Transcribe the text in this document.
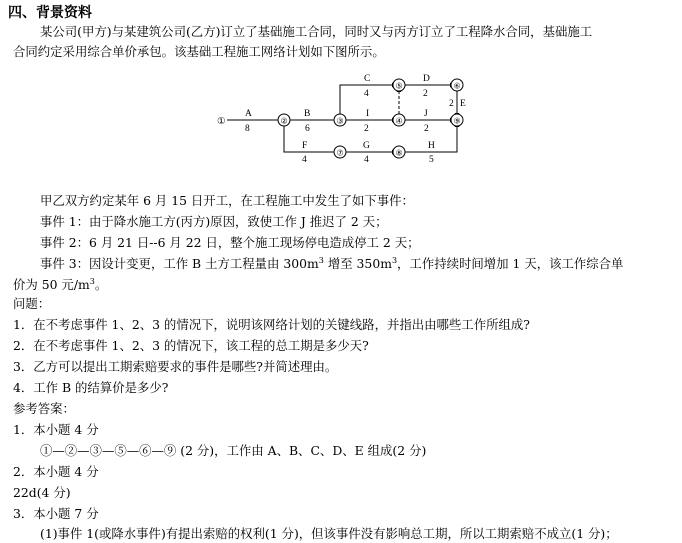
四、背景资料
某公司(甲方)与某建筑公司(乙方)订立了基础施工合同，同时又与丙方订立了工程降水合同，基础施工
合同约定采用综合单价承包。该基础工程施工网络计划如下图所示。
①	②	③	④
⑤	⑥
⑦	⑧
⑨
A
8
B
6
C
4
D
2
E
2
I
2
J
2
F
4
G
4
H
5
甲乙双方约定某年 6 月 15 日开工，在工程施工中发生了如下事件：
事件 1：由于降水施工方(丙方)原因，致使工作 J 推迟了 2 天；
事件 2：6 月 21 日--6 月 22 日，整个施工现场停电造成停工 2 天；
事件 3：因设计变更，工作 B 土方工程量由 $300m^3$ 增至 $350m^3$，工作持续时间增加 1 天，该工作综合单
价为 50 元$/m^3$。
问题：
1．在不考虑事件 1、2、3 的情况下，说明该网络计划的关键线路，并指出由哪些工作所组成?
2．在不考虑事件 1、2、3 的情况下，该工程的总工期是多少天?
3．乙方可以提出工期索赔要求的事件是哪些?并简述理由。
4．工作 B 的结算价是多少?
参考答案：
1．本小题 4 分
①—②—③—⑤—⑥—⑨ (2 分)，工作由 A、B、C、D、E 组成(2 分)
2．本小题 4 分
22d(4 分)
3．本小题 7 分
(1)事件 1(或降水事件)有提出索赔的权利(1 分)，但该事件没有影响总工期，所以工期索赔不成立(1 分)；
